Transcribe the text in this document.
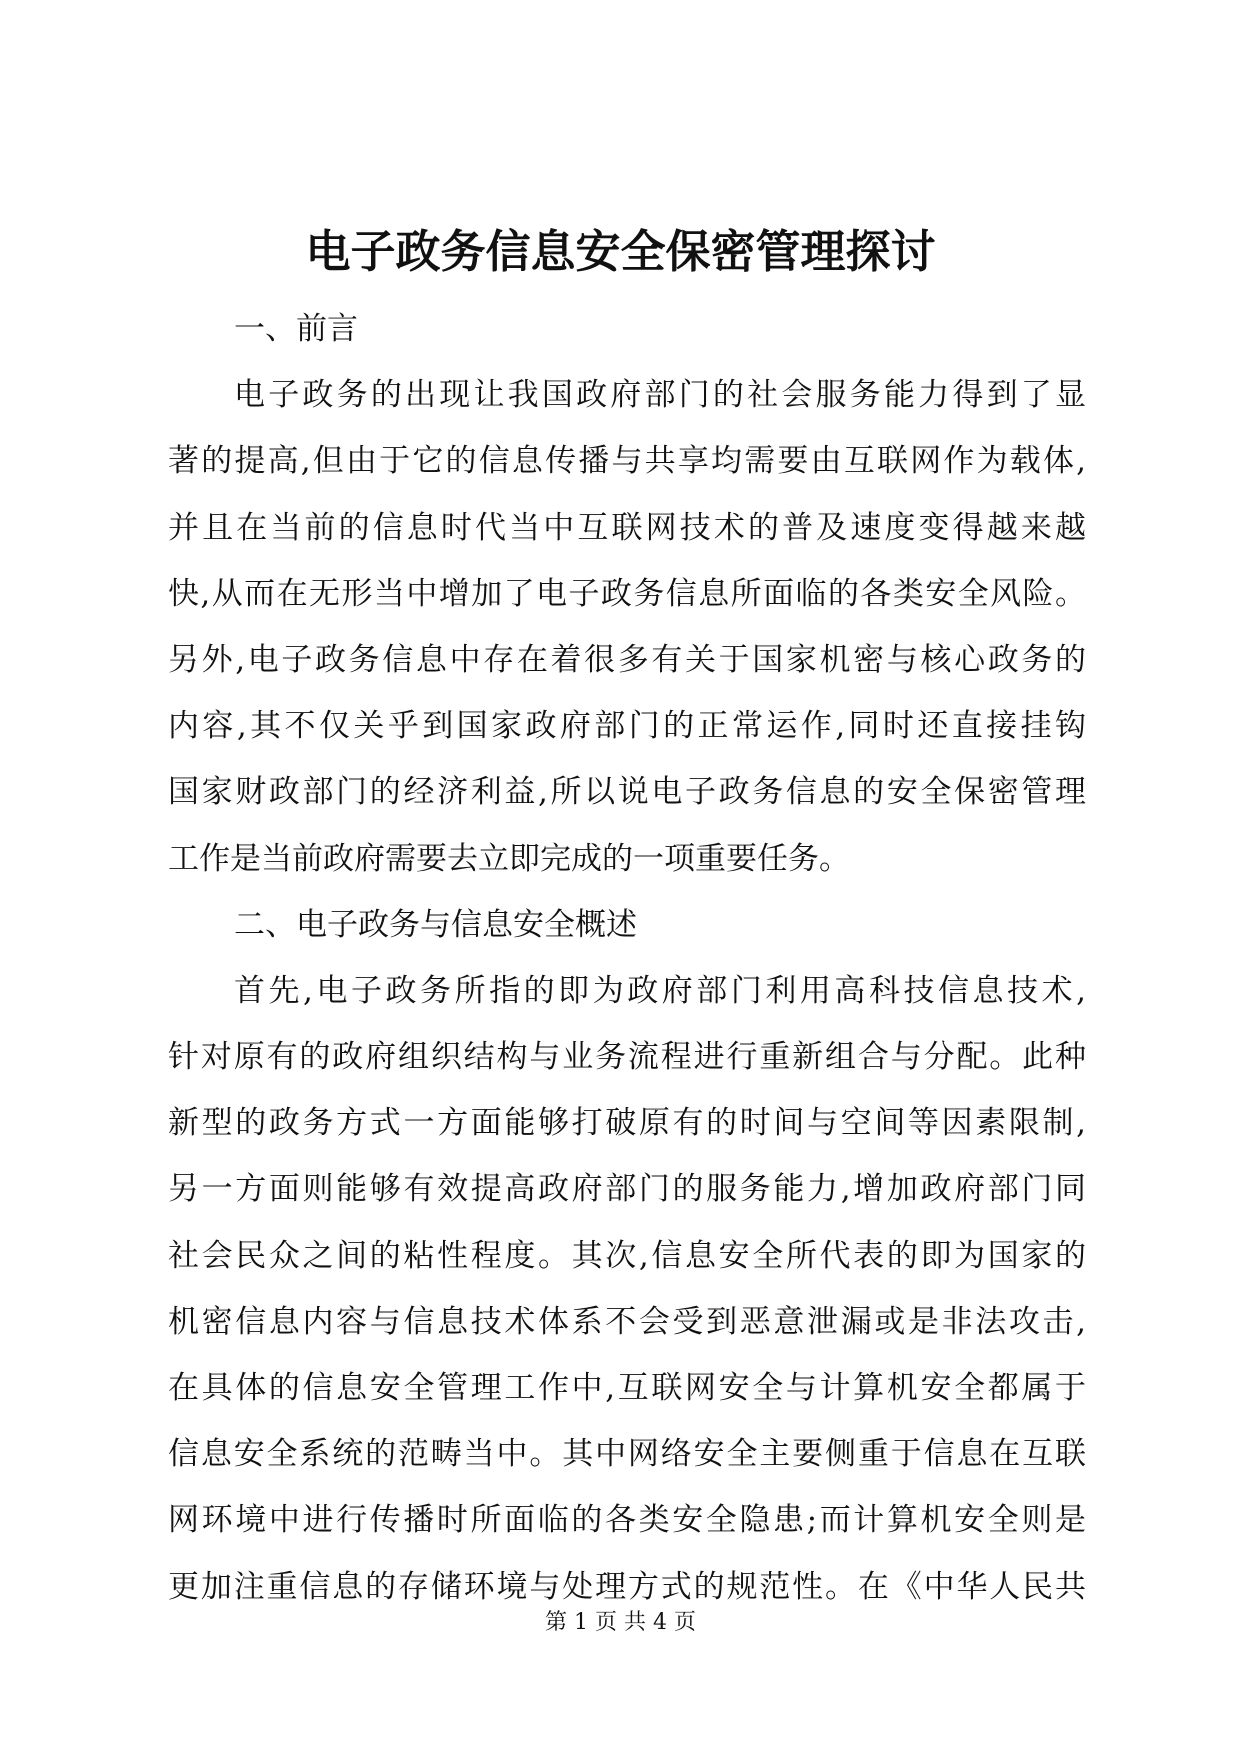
电子政务信息安全保密管理探讨
一、前言
电子政务的出现让我国政府部门的社会服务能力得到了显
著的提高,但由于它的信息传播与共享均需要由互联网作为载体,
并且在当前的信息时代当中互联网技术的普及速度变得越来越
快,从而在无形当中增加了电子政务信息所面临的各类安全风险。
另外,电子政务信息中存在着很多有关于国家机密与核心政务的
内容,其不仅关乎到国家政府部门的正常运作,同时还直接挂钩
国家财政部门的经济利益,所以说电子政务信息的安全保密管理
工作是当前政府需要去立即完成的一项重要任务。
二、电子政务与信息安全概述
首先,电子政务所指的即为政府部门利用高科技信息技术,
针对原有的政府组织结构与业务流程进行重新组合与分配。此种
新型的政务方式一方面能够打破原有的时间与空间等因素限制,
另一方面则能够有效提高政府部门的服务能力,增加政府部门同
社会民众之间的粘性程度。其次,信息安全所代表的即为国家的
机密信息内容与信息技术体系不会受到恶意泄漏或是非法攻击,
在具体的信息安全管理工作中,互联网安全与计算机安全都属于
信息安全系统的范畴当中。其中网络安全主要侧重于信息在互联
网环境中进行传播时所面临的各类安全隐患;而计算机安全则是
更加注重信息的存储环境与处理方式的规范性。在《中华人民共
第 1 页 共 4 页
